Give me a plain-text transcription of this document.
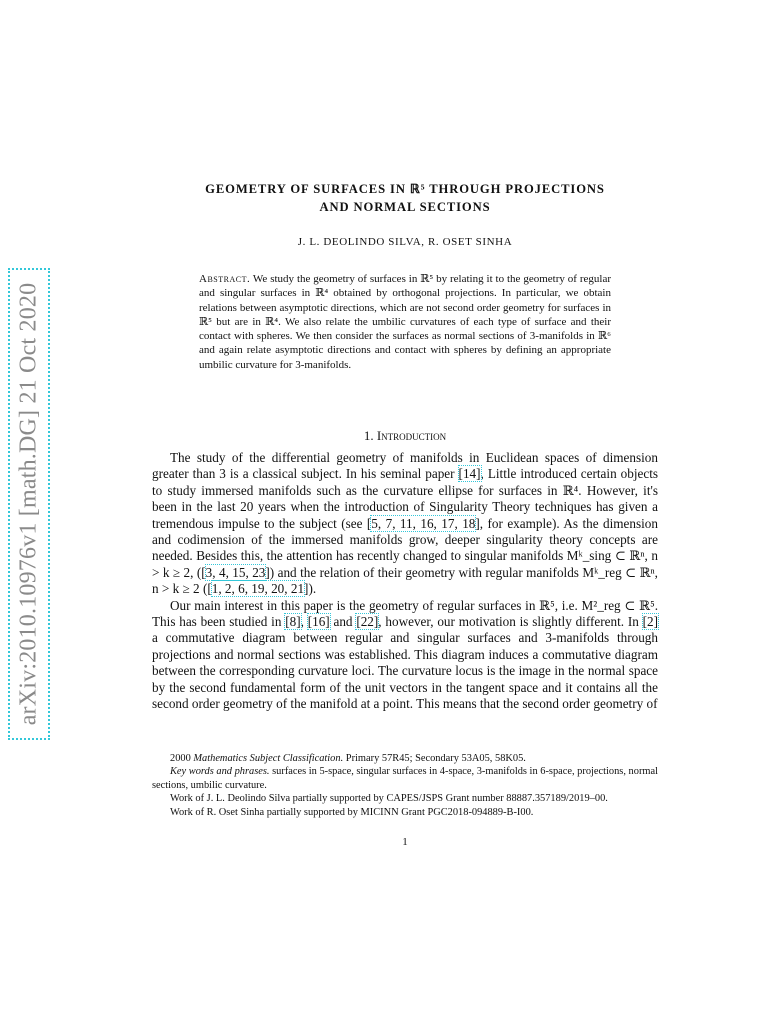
arXiv:2010.10976v1 [math.DG] 21 Oct 2020
GEOMETRY OF SURFACES IN ℝ⁵ THROUGH PROJECTIONS
AND NORMAL SECTIONS
J. L. DEOLINDO SILVA, R. OSET SINHA
Abstract. We study the geometry of surfaces in ℝ⁵ by relating it to the geometry of regular and singular surfaces in ℝ⁴ obtained by orthogonal projections. In particular, we obtain relations between asymptotic directions, which are not second order geometry for surfaces in ℝ⁵ but are in ℝ⁴. We also relate the umbilic curvatures of each type of surface and their contact with spheres. We then consider the surfaces as normal sections of 3-manifolds in ℝ⁶ and again relate asymptotic directions and contact with spheres by defining an appropriate umbilic curvature for 3-manifolds.
1. Introduction

The study of the differential geometry of manifolds in Euclidean spaces of dimension greater than 3 is a classical subject. In his seminal paper [14], Little introduced certain objects to study immersed manifolds such as the curvature ellipse for surfaces in ℝ⁴. However, it's been in the last 20 years when the introduction of Singularity Theory techniques has given a tremendous impulse to the subject (see [5, 7, 11, 16, 17, 18], for example). As the dimension and codimension of the immersed manifolds grow, deeper singularity theory concepts are needed. Besides this, the attention has recently changed to singular manifolds Mᵏ_sing ⊂ ℝⁿ, n > k ≥ 2, ([3, 4, 15, 23]) and the relation of their geometry with regular manifolds Mᵏ_reg ⊂ ℝⁿ, n > k ≥ 2 ([1, 2, 6, 19, 20, 21]).

Our main interest in this paper is the geometry of regular surfaces in ℝ⁵, i.e. M²_reg ⊂ ℝ⁵. This has been studied in [8], [16] and [22], however, our motivation is slightly different. In [2] a commutative diagram between regular and singular surfaces and 3-manifolds through projections and normal sections was established. This diagram induces a commutative diagram between the corresponding curvature loci. The curvature locus is the image in the normal space by the second fundamental form of the unit vectors in the tangent space and it contains all the second order geometry of the manifold at a point. This means that the second order geometry of

2000 Mathematics Subject Classification. Primary 57R45; Secondary 53A05, 58K05.

Key words and phrases. surfaces in 5-space, singular surfaces in 4-space, 3-manifolds in 6-space, projections, normal sections, umbilic curvature.

Work of J. L. Deolindo Silva partially supported by CAPES/JSPS Grant number 88887.357189/2019–00.

Work of R. Oset Sinha partially supported by MICINN Grant PGC2018-094889-B-I00.

1
